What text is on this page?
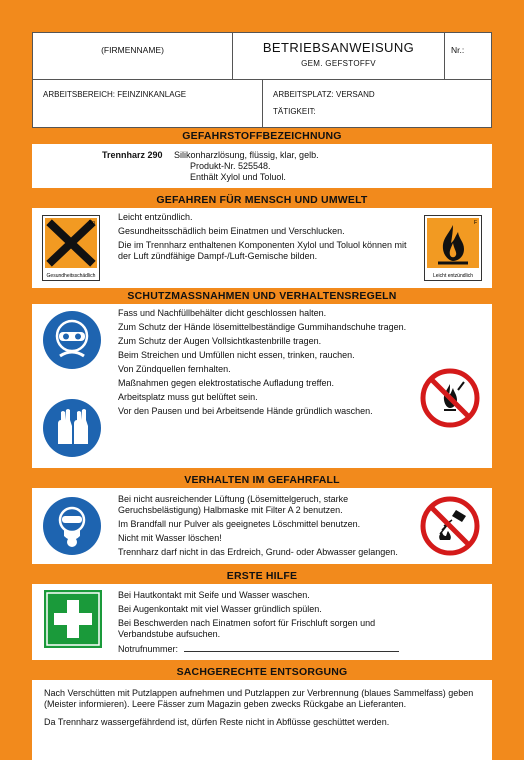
(FIRMENNAME)	BETRIEBSANWEISUNG
GEM. GEFSTOFFV
Nr.:
ARBEITSBEREICH: FEINZINKANLAGE	ARBEITSPLATZ: VERSAND
TÄTIGKEIT:
GEFAHRSTOFFBEZEICHNUNG
Trennharz 290 Silikonharzlösung, flüssig, klar, gelb.
Produkt-Nr. 525548.
Enthält Xylol und Toluol.
GEFAHREN FÜR MENSCH UND UMWELT
Xn
Gesundheitsschädlich

Leicht entzündlich.

Gesundheitsschädlich beim Einatmen und Verschlucken.

Die im Trennharz enthaltenen Komponenten Xylol und Toluol können mit der Luft zündfähige Dampf-/Luft-Gemische bilden.

F
Leicht entzündlich
SCHUTZMASSNAHMEN UND VERHALTENSREGELN

Fass und Nachfüllbehälter dicht geschlossen halten.

Zum Schutz der Hände lösemittelbeständige Gummihandschuhe tragen.

Zum Schutz der Augen Vollsichtkastenbrille tragen.

Beim Streichen und Umfüllen nicht essen, trinken, rauchen.

Von Zündquellen fernhalten.

Maßnahmen gegen elektrostatische Aufladung treffen.

Arbeitsplatz muss gut belüftet sein.

Vor den Pausen und bei Arbeitsende Hände gründlich waschen.

VERHALTEN IM GEFAHRFALL

Bei nicht ausreichender Lüftung (Lösemittelgeruch, starke Geruchsbelästigung) Halbmaske mit Filter A 2 benutzen.

Im Brandfall nur Pulver als geeignetes Löschmittel benutzen.

Nicht mit Wasser löschen!

Trennharz darf nicht in das Erdreich, Grund- oder Abwasser gelangen.

ERSTE HILFE

Bei Hautkontakt mit Seife und Wasser waschen.

Bei Augenkontakt mit viel Wasser gründlich spülen.

Bei Beschwerden nach Einatmen sofort für Frischluft sorgen und Verbandstube aufsuchen.

Notrufnummer:

SACHGERECHTE ENTSORGUNG

Nach Verschütten mit Putzlappen aufnehmen und Putzlappen zur Verbrennung (blaues Sammelfass) geben (Meister informieren). Leere Fässer zum Magazin geben zwecks Rückgabe an Lieferanten.

Da Trennharz wassergefährdend ist, dürfen Reste nicht in Abflüsse geschüttet werden.
